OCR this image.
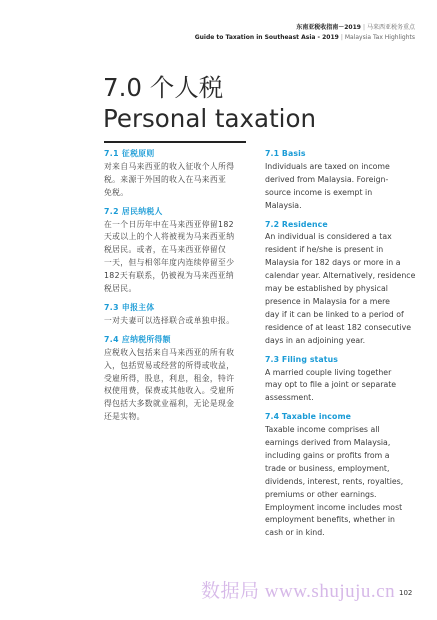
东南亚税收指南－2019 | 马来西亚税务重点
Guide to Taxation in Southeast Asia - 2019 | Malaysia Tax Highlights
7.0 个人税
Personal taxation
7.1 征税原则
对来自马来西亚的收入征收个人所得
税。来源于外国的收入在马来西亚
免税。
7.2 居民纳税人
在一个日历年中在马来西亚停留182
天或以上的个人将被视为马来西亚纳
税居民。或者，在马来西亚停留仅
一天，但与相邻年度内连续停留至少
182天有联系，仍被视为马来西亚纳
税居民。
7.3 申报主体
一对夫妻可以选择联合或单独申报。
7.4 应纳税所得额
应税收入包括来自马来西亚的所有收
入，包括贸易或经营的所得或收益，
受雇所得，股息，利息，租金，特许
权使用费，保费或其他收入。受雇所
得包括大多数就业福利，无论是现金
还是实物。
7.1 Basis
Individuals are taxed on income
derived from Malaysia. Foreign-
source income is exempt in
Malaysia.
7.2 Residence
An individual is considered a tax
resident if he/she is present in
Malaysia for 182 days or more in a
calendar year. Alternatively, residence
may be established by physical
presence in Malaysia for a mere
day if it can be linked to a period of
residence of at least 182 consecutive
days in an adjoining year.
7.3 Filing status
A married couple living together
may opt to file a joint or separate
assessment.
7.4 Taxable income
Taxable income comprises all
earnings derived from Malaysia,
including gains or profits from a
trade or business, employment,
dividends, interest, rents, royalties,
premiums or other earnings.
Employment income includes most
employment benefits, whether in
cash or in kind.
数据局 www.shujuju.cn 102
